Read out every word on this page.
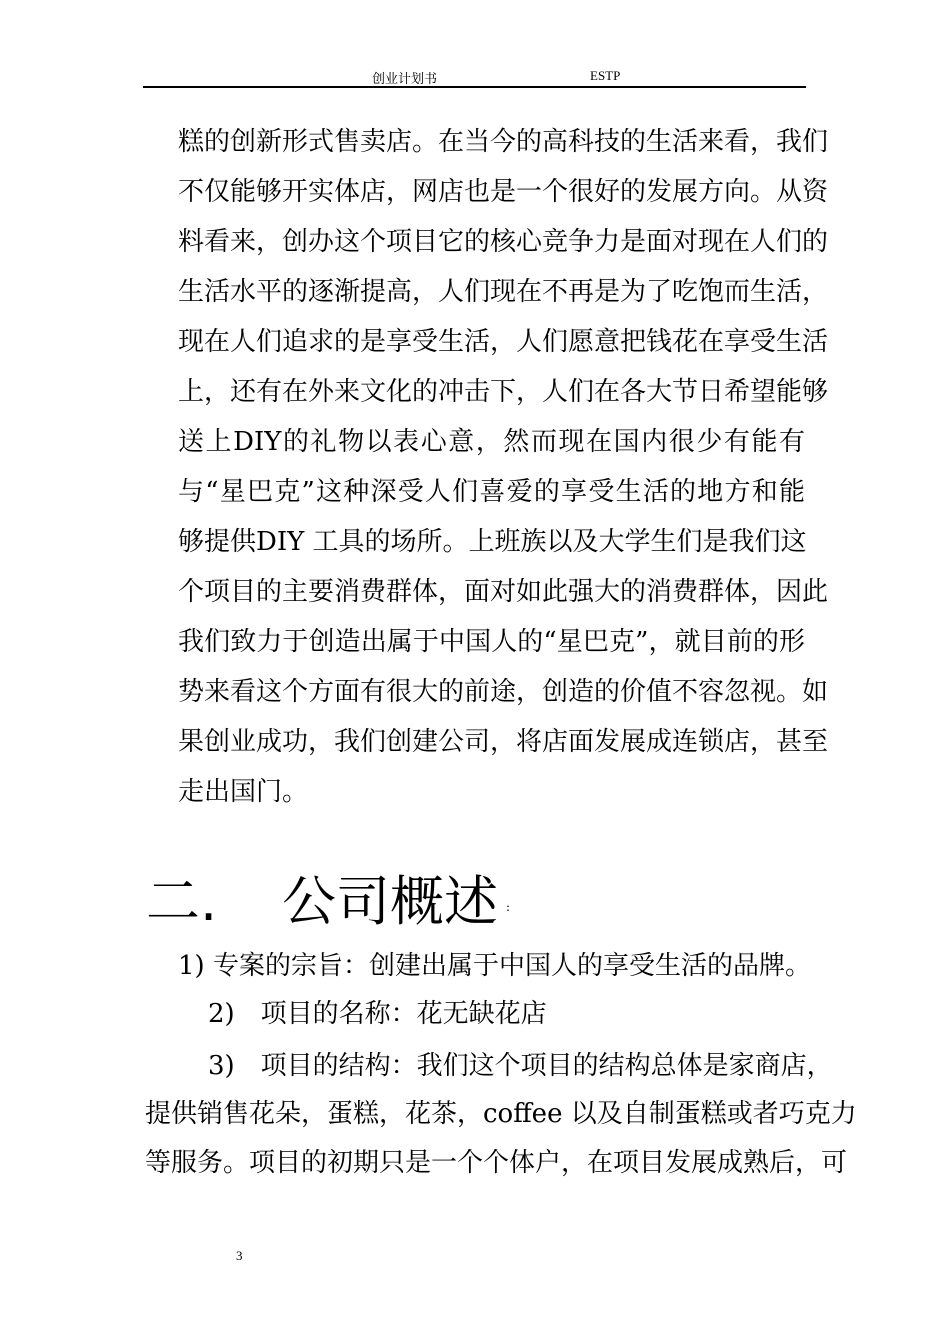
创业计划书	ESTP
糕的创新形式售卖店。在当今的高科技的生活来看，我们
不仅能够开实体店，网店也是一个很好的发展方向。从资
料看来，创办这个项目它的核心竞争力是面对现在人们的
生活水平的逐渐提高，人们现在不再是为了吃饱而生活，
现在人们追求的是享受生活，人们愿意把钱花在享受生活
上，还有在外来文化的冲击下，人们在各大节日希望能够
送上DIY的礼物以表心意，然而现在国内很少有能有
与“星巴克”这种深受人们喜爱的享受生活的地方和能
够提供DIY 工具的场所。上班族以及大学生们是我们这
个项目的主要消费群体，面对如此强大的消费群体，因此
我们致力于创造出属于中国人的“星巴克”，就目前的形
势来看这个方面有很大的前途，创造的价值不容忽视。如
果创业成功，我们创建公司，将店面发展成连锁店，甚至
走出国门。
二. 公司概述 :
1) 专案的宗旨：创建出属于中国人的享受生活的品牌。
2)　项目的名称：花无缺花店
3)　项目的结构：我们这个项目的结构总体是家商店，
提供销售花朵，蛋糕，花茶，coffee 以及自制蛋糕或者巧克力
等服务。项目的初期只是一个个体户，在项目发展成熟后，可
3
